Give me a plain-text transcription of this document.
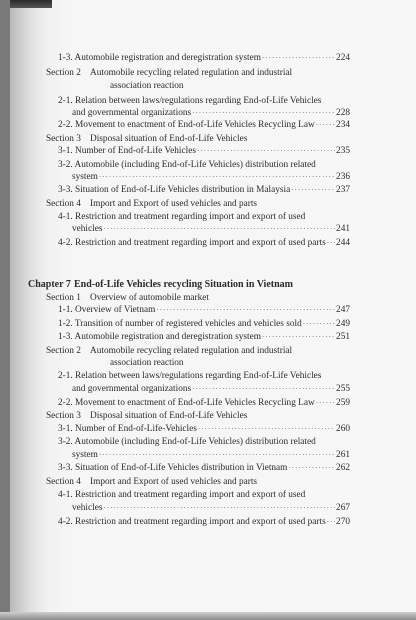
1-3. Automobile registration and deregistration system ·····	224
Section 2 Automobile recycling related regulation and industrial
association reaction
2-1. Relation between laws/regulations regarding End-of-Life Vehicles
and governmental organizations ·····	228
2-2. Movement to enactment of End-of-Life Vehicles Recycling Law ····· 234
Section 3 Disposal situation of End-of-Life Vehicles
3-1. Number of End-of-Life Vehicles ·····	235
3-2. Automobile (including End-of-Life Vehicles) distribution related
system ·····	236
3-3. Situation of End-of-Life Vehicles distribution in Malaysia ·····	237
Section 4 Import and Export of used vehicles and parts
4-1. Restriction and treatment regarding import and export of used
vehicles ·····	241
4-2. Restriction and treatment regarding import and export of used parts ····· 244
Chapter 7 End-of-Life Vehicles recycling Situation in Vietnam
Section 1 Overview of automobile market
1-1. Overview of Vietnam ·····	247
1-2. Transition of number of registered vehicles and vehicles sold ·····	249
1-3. Automobile registration and deregistration system ·····	251
Section 2 Automobile recycling related regulation and industrial
association reaction
2-1. Relation between laws/regulations regarding End-of-Life Vehicles
and governmental organizations ·····	255
2-2. Movement to enactment of End-of-Life Vehicles Recycling Law ····· 259
Section 3 Disposal situation of End-of-Life Vehicles
3-1. Number of End-of-Life-Vehicles ·····	260
3-2. Automobile (including End-of-Life Vehicles) distribution related
system ·····	261
3-3. Situation of End-of-Life Vehicles distribution in Vietnam ·····	262
Section 4 Import and Export of used vehicles and parts
4-1. Restriction and treatment regarding import and export of used
vehicles ·····	267
4-2. Restriction and treatment regarding import and export of used parts ····· 270
